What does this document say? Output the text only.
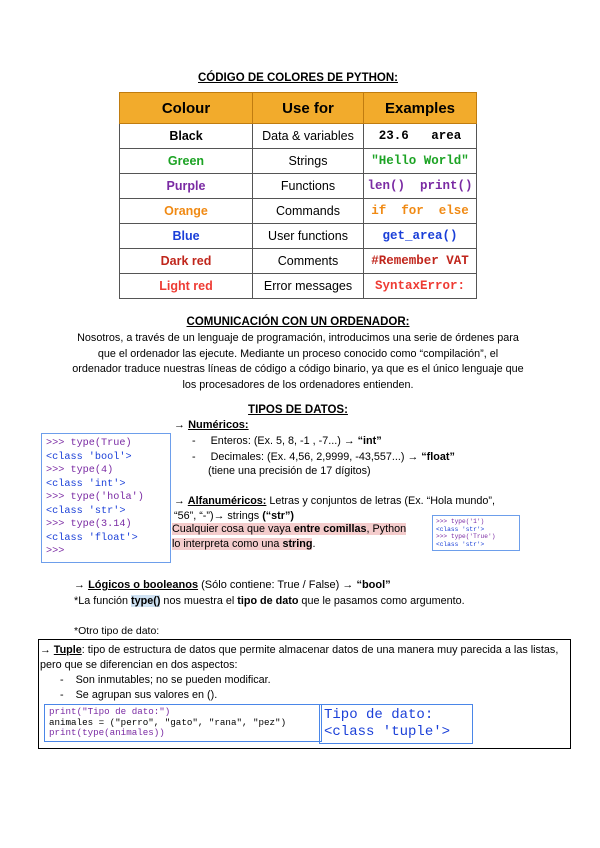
CÓDIGO DE COLORES DE PYTHON:
Colour	Use for	Examples
Black	Data & variables	23.6   area
Green	Strings	"Hello World"
Purple	Functions	len()  print()
Orange	Commands	if  for  else
Blue	User functions	get_area()
Dark red	Comments	#Remember VAT
Light red	Error messages	SyntaxError:
COMUNICACIÓN CON UN ORDENADOR:
Nosotros, a través de un lenguaje de programación, introducimos una serie de órdenes para que el ordenador las ejecute. Mediante un proceso conocido como “compilación”, el ordenador traduce nuestras líneas de código a código binario, ya que es el único lenguaje que los procesadores de los ordenadores entienden.
TIPOS DE DATOS:
>>> type(True)
<class 'bool'>
>>> type(4)
<class 'int'>
>>> type('hola')
<class 'str'>
>>> type(3.14)
<class 'float'>
>>>
→ Numéricos:
- Enteros: (Ex. 5, 8, -1 , -7...) → “int”
- Decimales: (Ex. 4,56, 2,9999, -43,557...) → “float”
(tiene una precisión de 17 dígitos)
→ Alfanuméricos: Letras y conjuntos de letras (Ex. “Hola mundo”,
“56”, “-”)→ strings (“str”)
Cualquier cosa que vaya entre comillas, Python
lo interpreta como una string.
>>> type('1')
<class 'str'>
>>> type('True')
<class 'str'>
→ Lógicos o booleanos (Sólo contiene: True / False) → “bool”
*La función type() nos muestra el tipo de dato que le pasamos como argumento.
*Otro tipo de dato:
→ Tuple: tipo de estructura de datos que permite almacenar datos de una manera muy parecida a las listas, pero que se diferencian en dos aspectos:
- Son inmutables; no se pueden modificar.
- Se agrupan sus valores en ().
print("Tipo de dato:")
animales = ("perro", "gato", "rana", "pez")
print(type(animales))
Tipo de dato:
<class 'tuple'>
